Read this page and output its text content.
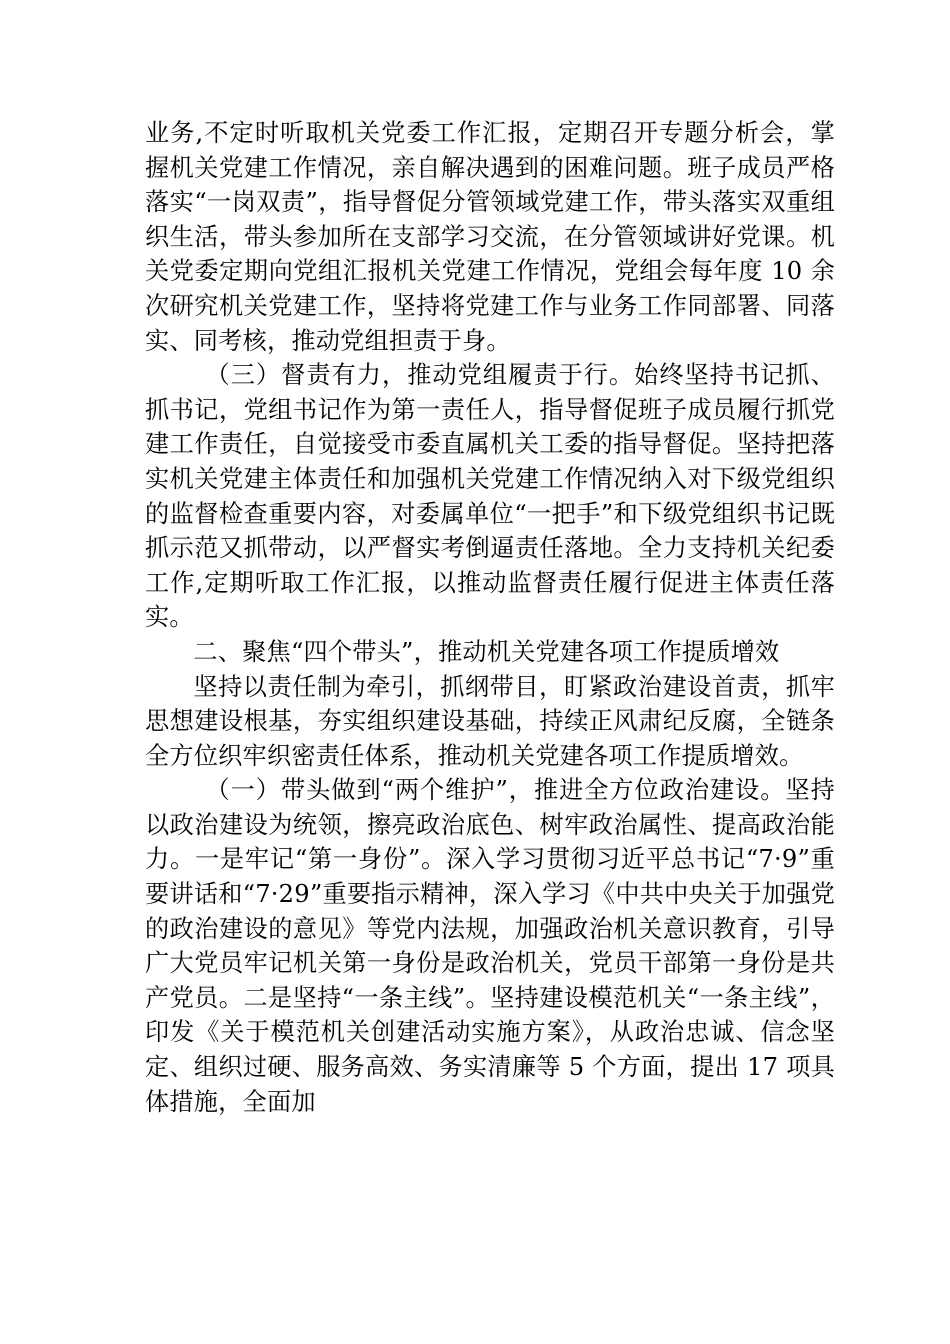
业务,不定时听取机关党委工作汇报，定期召开专题分析会，掌握机关党建工作情况，亲自解决遇到的困难问题。班子成员严格落实“一岗双责”，指导督促分管领域党建工作，带头落实双重组织生活，带头参加所在支部学习交流，在分管领域讲好党课。机关党委定期向党组汇报机关党建工作情况，党组会每年度 10 余次研究机关党建工作，坚持将党建工作与业务工作同部署、同落实、同考核，推动党组担责于身。

（三）督责有力，推动党组履责于行。始终坚持书记抓、抓书记，党组书记作为第一责任人，指导督促班子成员履行抓党建工作责任，自觉接受市委直属机关工委的指导督促。坚持把落实机关党建主体责任和加强机关党建工作情况纳入对下级党组织的监督检查重要内容，对委属单位“一把手”和下级党组织书记既抓示范又抓带动，以严督实考倒逼责任落地。全力支持机关纪委工作,定期听取工作汇报，以推动监督责任履行促进主体责任落实。

二、聚焦“四个带头”，推动机关党建各项工作提质增效

坚持以责任制为牵引，抓纲带目，盯紧政治建设首责，抓牢思想建设根基，夯实组织建设基础，持续正风肃纪反腐，全链条全方位织牢织密责任体系，推动机关党建各项工作提质增效。

（一）带头做到“两个维护”，推进全方位政治建设。坚持以政治建设为统领，擦亮政治底色、树牢政治属性、提高政治能力。一是牢记“第一身份”。深入学习贯彻习近平总书记“7·9”重要讲话和“7·29”重要指示精神，深入学习《中共中央关于加强党的政治建设的意见》等党内法规，加强政治机关意识教育，引导广大党员牢记机关第一身份是政治机关，党员干部第一身份是共产党员。二是坚持“一条主线”。坚持建设模范机关“一条主线”，印发《关于模范机关创建活动实施方案》，从政治忠诚、信念坚定、组织过硬、服务高效、务实清廉等 5 个方面，提出 17 项具体措施，全面加
